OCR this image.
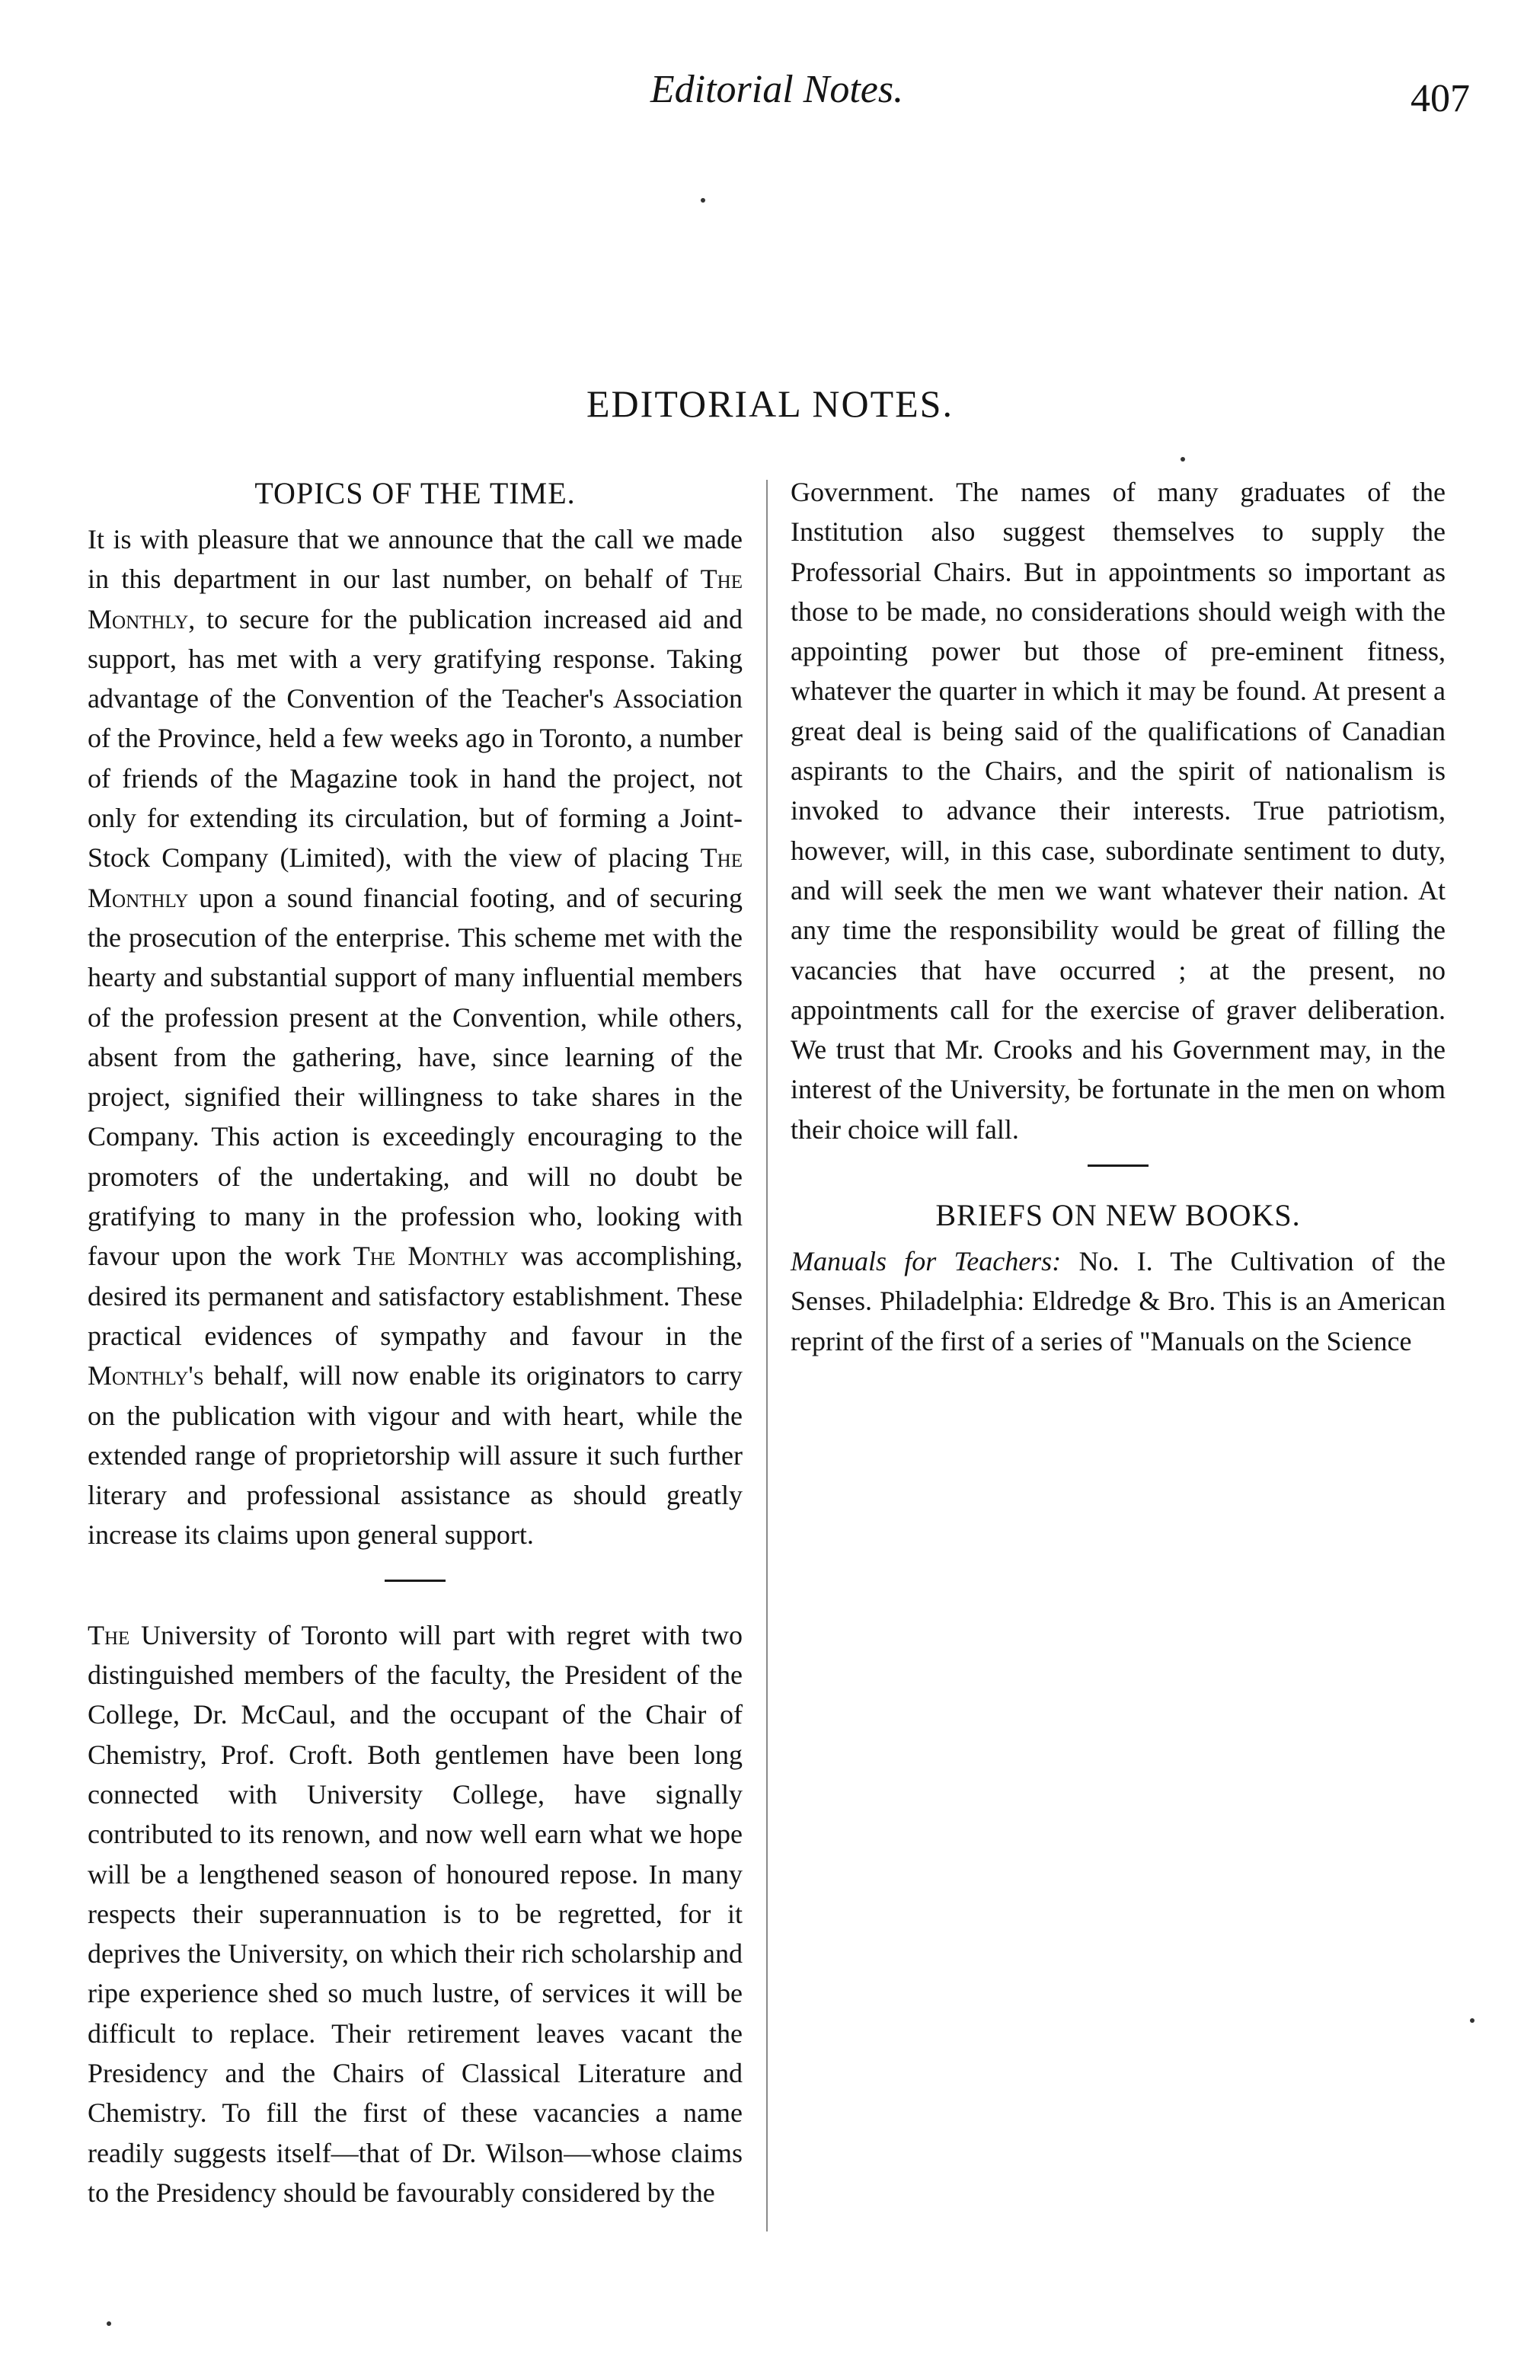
Editorial Notes.	407
EDITORIAL NOTES.
TOPICS OF THE TIME.

It is with pleasure that we announce that the call we made in this department in our last number, on behalf of The Monthly, to secure for the publication increased aid and support, has met with a very gratifying response. Taking advantage of the Convention of the Teacher's Association of the Province, held a few weeks ago in Toronto, a number of friends of the Magazine took in hand the project, not only for extending its circulation, but of forming a Joint-Stock Company (Limited), with the view of placing The Monthly upon a sound financial footing, and of securing the prosecution of the enterprise. This scheme met with the hearty and substantial support of many influential members of the profession present at the Convention, while others, absent from the gathering, have, since learning of the project, signified their willingness to take shares in the Company. This action is exceedingly encouraging to the promoters of the undertaking, and will no doubt be gratifying to many in the profession who, looking with favour upon the work The Monthly was accomplishing, desired its permanent and satisfactory establishment. These practical evidences of sympathy and favour in the Monthly's behalf, will now enable its originators to carry on the publication with vigour and with heart, while the extended range of proprietorship will assure it such further literary and professional assistance as should greatly increase its claims upon general support.

The University of Toronto will part with regret with two distinguished members of the faculty, the President of the College, Dr. McCaul, and the occupant of the Chair of Chemistry, Prof. Croft. Both gentlemen have been long connected with University College, have signally contributed to its renown, and now well earn what we hope will be a lengthened season of honoured repose. In many respects their superannuation is to be regretted, for it deprives the University, on which their rich scholarship and ripe experience shed so much lustre, of services it will be difficult to replace. Their retirement leaves vacant the Presidency and the Chairs of Classical Literature and Chemistry. To fill the first of these vacancies a name readily suggests itself—that of Dr. Wilson—whose claims to the Presidency should be favourably considered by the

Government. The names of many graduates of the Institution also suggest themselves to supply the Professorial Chairs. But in appointments so important as those to be made, no considerations should weigh with the appointing power but those of pre-eminent fitness, whatever the quarter in which it may be found. At present a great deal is being said of the qualifications of Canadian aspirants to the Chairs, and the spirit of nationalism is invoked to advance their interests. True patriotism, however, will, in this case, subordinate sentiment to duty, and will seek the men we want whatever their nation. At any time the responsibility would be great of filling the vacancies that have occurred ; at the present, no appointments call for the exercise of graver deliberation. We trust that Mr. Crooks and his Government may, in the interest of the University, be fortunate in the men on whom their choice will fall.

BRIEFS ON NEW BOOKS.

Manuals for Teachers: No. I. The Cultivation of the Senses. Philadelphia: Eldredge & Bro. This is an American reprint of the first of a series of "Manuals on the Science
